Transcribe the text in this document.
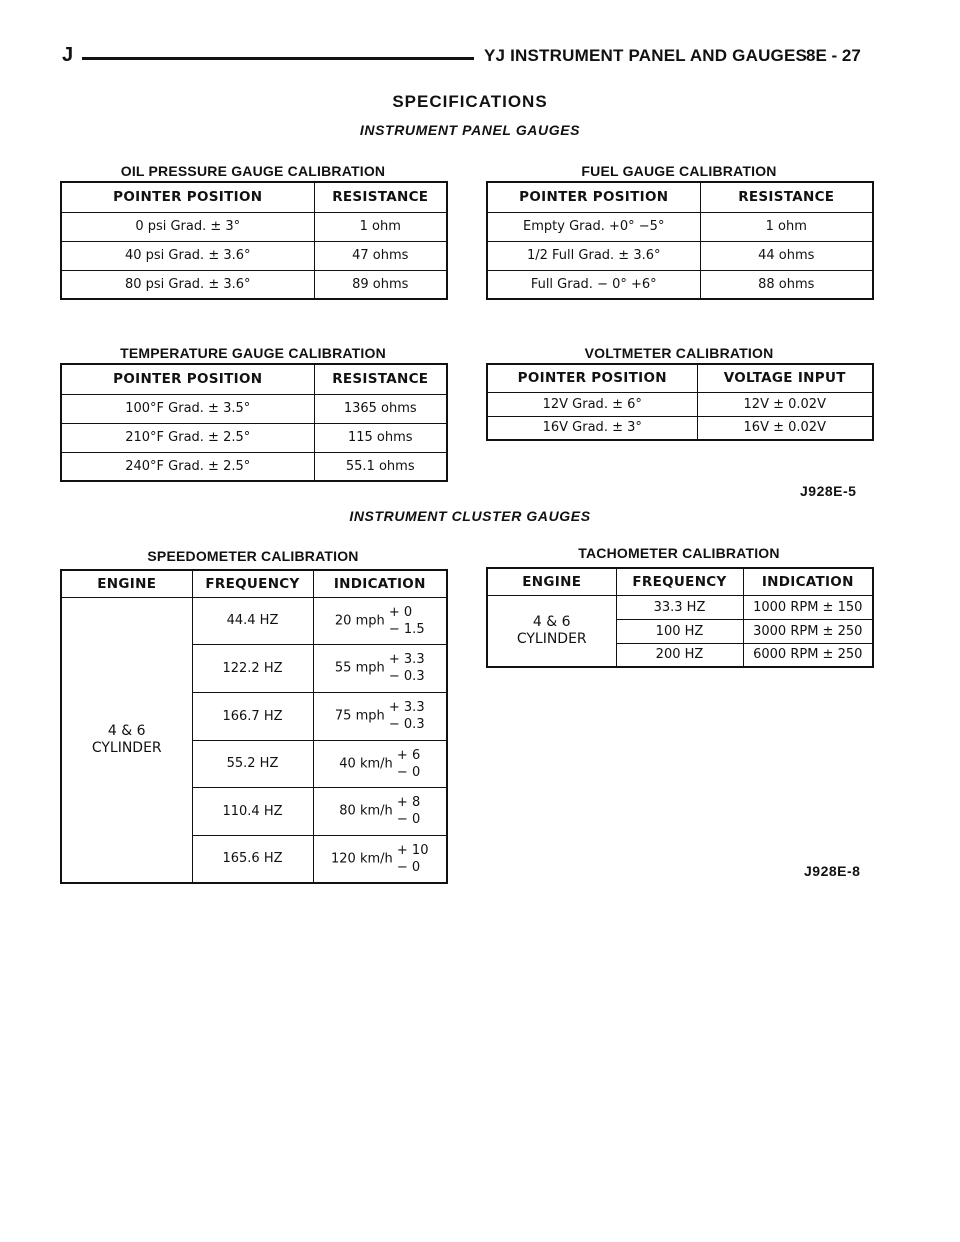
J	YJ INSTRUMENT PANEL AND GAUGES
8E - 27
SPECIFICATIONS
INSTRUMENT PANEL GAUGES
OIL PRESSURE GAUGE CALIBRATION
POINTER POSITION	RESISTANCE
0 psi Grad. ± 3°	1 ohm
40 psi Grad. ± 3.6°	47 ohms
80 psi Grad. ± 3.6°	89 ohms
FUEL GAUGE CALIBRATION
POINTER POSITION	RESISTANCE
Empty Grad. +0° −5°	1 ohm
1/2 Full Grad. ± 3.6°	44 ohms
Full Grad. − 0° +6°	88 ohms
TEMPERATURE GAUGE CALIBRATION
POINTER POSITION	RESISTANCE
100°F Grad. ± 3.5°	1365 ohms
210°F Grad. ± 2.5°	115 ohms
240°F Grad. ± 2.5°	55.1 ohms
VOLTMETER CALIBRATION
POINTER POSITION	VOLTAGE INPUT
12V Grad. ± 6°	12V ± 0.02V
16V Grad. ± 3°	16V ± 0.02V
J928E-5
INSTRUMENT CLUSTER GAUGES
SPEEDOMETER CALIBRATION
ENGINE	FREQUENCY	INDICATION
4 & 6
CYLINDER	44.4 HZ	20 mph
+ 0
− 1.5

	122.2 HZ	55 mph
+ 3.3
− 0.3

	166.7 HZ	75 mph
+ 3.3
− 0.3

	55.2 HZ	40 km/h
+ 6
− 0

	110.4 HZ	80 km/h
+ 8
− 0

	165.6 HZ	120 km/h
+ 10
− 0
TACHOMETER CALIBRATION
ENGINE	FREQUENCY	INDICATION
4 & 6
CYLINDER	33.3 HZ	1000 RPM ± 150
	100 HZ	3000 RPM ± 250
	200 HZ	6000 RPM ± 250
J928E-8
